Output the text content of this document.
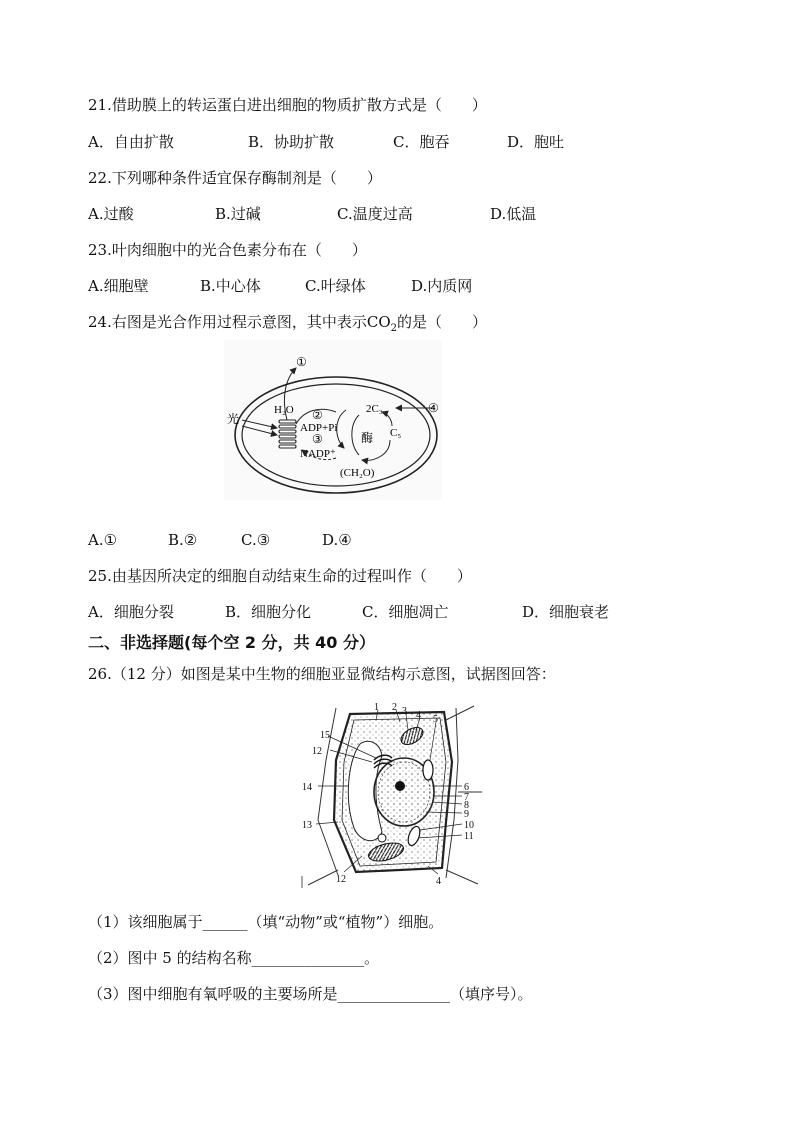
21.借助膜上的转运蛋白进出细胞的物质扩散方式是（　　）
A．自由扩散	B．协助扩散	C．胞吞	D．胞吐
22.下列哪种条件适宜保存酶制剂是（　　）
A.过酸	B.过碱	C.温度过高	D.低温
23.叶肉细胞中的光合色素分布在（　　）
A.细胞壁	B.中心体	C.叶绿体	D.内质网
24.右图是光合作用过程示意图，其中表示$CO_2$的是（　　）
光
①
H₂O ②
ADP+Pi
③
NADP⁺
2C₃
C₅
酶
(CH₂O)
④
A.①	B.②	C.③	D.④
25.由基因所决定的细胞自动结束生命的过程叫作（　　）
A．细胞分裂	B．细胞分化	C．细胞凋亡	D．细胞衰老
二、非选择题(每个空 2 分，共 40 分）
26.（12 分）如图是某中生物的细胞亚显微结构示意图，试据图回答：
1 2 3 4 5
6
7
8
9
10
11
12
13
14
15
12	4
（1）该细胞属于______（填“动物”或“植物”）细胞。
（2）图中 5 的结构名称_______________。
（3）图中细胞有氧呼吸的主要场所是_______________（填序号）。
